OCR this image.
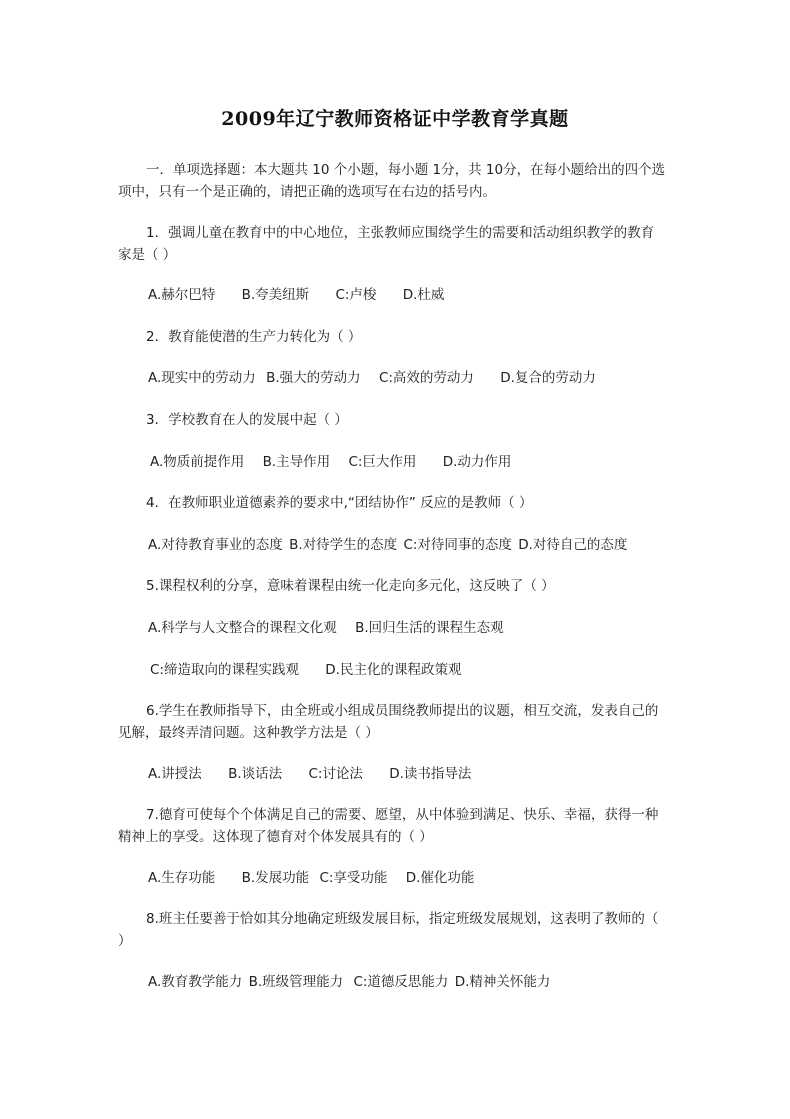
2009年辽宁教师资格证中学教育学真题
一．单项选择题：本大题共 10 个小题，每小题 1分，共 10分，在每小题给出的四个选项中，只有一个是正确的，请把正确的选项写在右边的括号内。
1．强调儿童在教育中的中心地位，主张教师应围绕学生的需要和活动组织教学的教育家是（ ）
A.赫尔巴特 B.夸美纽斯 C:卢梭 D.杜威
2．教育能使潜的生产力转化为（ ）
A.现实中的劳动力 B.强大的劳动力 C:高效的劳动力 D.复合的劳动力
3．学校教育在人的发展中起（ ）
A.物质前提作用 B.主导作用 C:巨大作用 D.动力作用
4．在教师职业道德素养的要求中,“团结协作” 反应的是教师（ ）
A.对待教育事业的态度 B.对待学生的态度 C:对待同事的态度 D.对待自己的态度
5.课程权利的分享，意味着课程由统一化走向多元化，这反映了（ ）
A.科学与人文整合的课程文化观 B.回归生活的课程生态观
C:缔造取向的课程实践观 D.民主化的课程政策观
6.学生在教师指导下，由全班或小组成员围绕教师提出的议题，相互交流，发表自己的见解，最终弄清问题。这种教学方法是（ ）
A.讲授法 B.谈话法 C:讨论法 D.读书指导法
7.德育可使每个个体满足自己的需要、愿望，从中体验到满足、快乐、幸福，获得一种精神上的享受。这体现了德育对个体发展具有的（ ）
A.生存功能 B.发展功能 C:享受功能 D.催化功能
8.班主任要善于恰如其分地确定班级发展目标，指定班级发展规划，这表明了教师的（ ）
A.教育教学能力 B.班级管理能力 C:道德反思能力 D.精神关怀能力
